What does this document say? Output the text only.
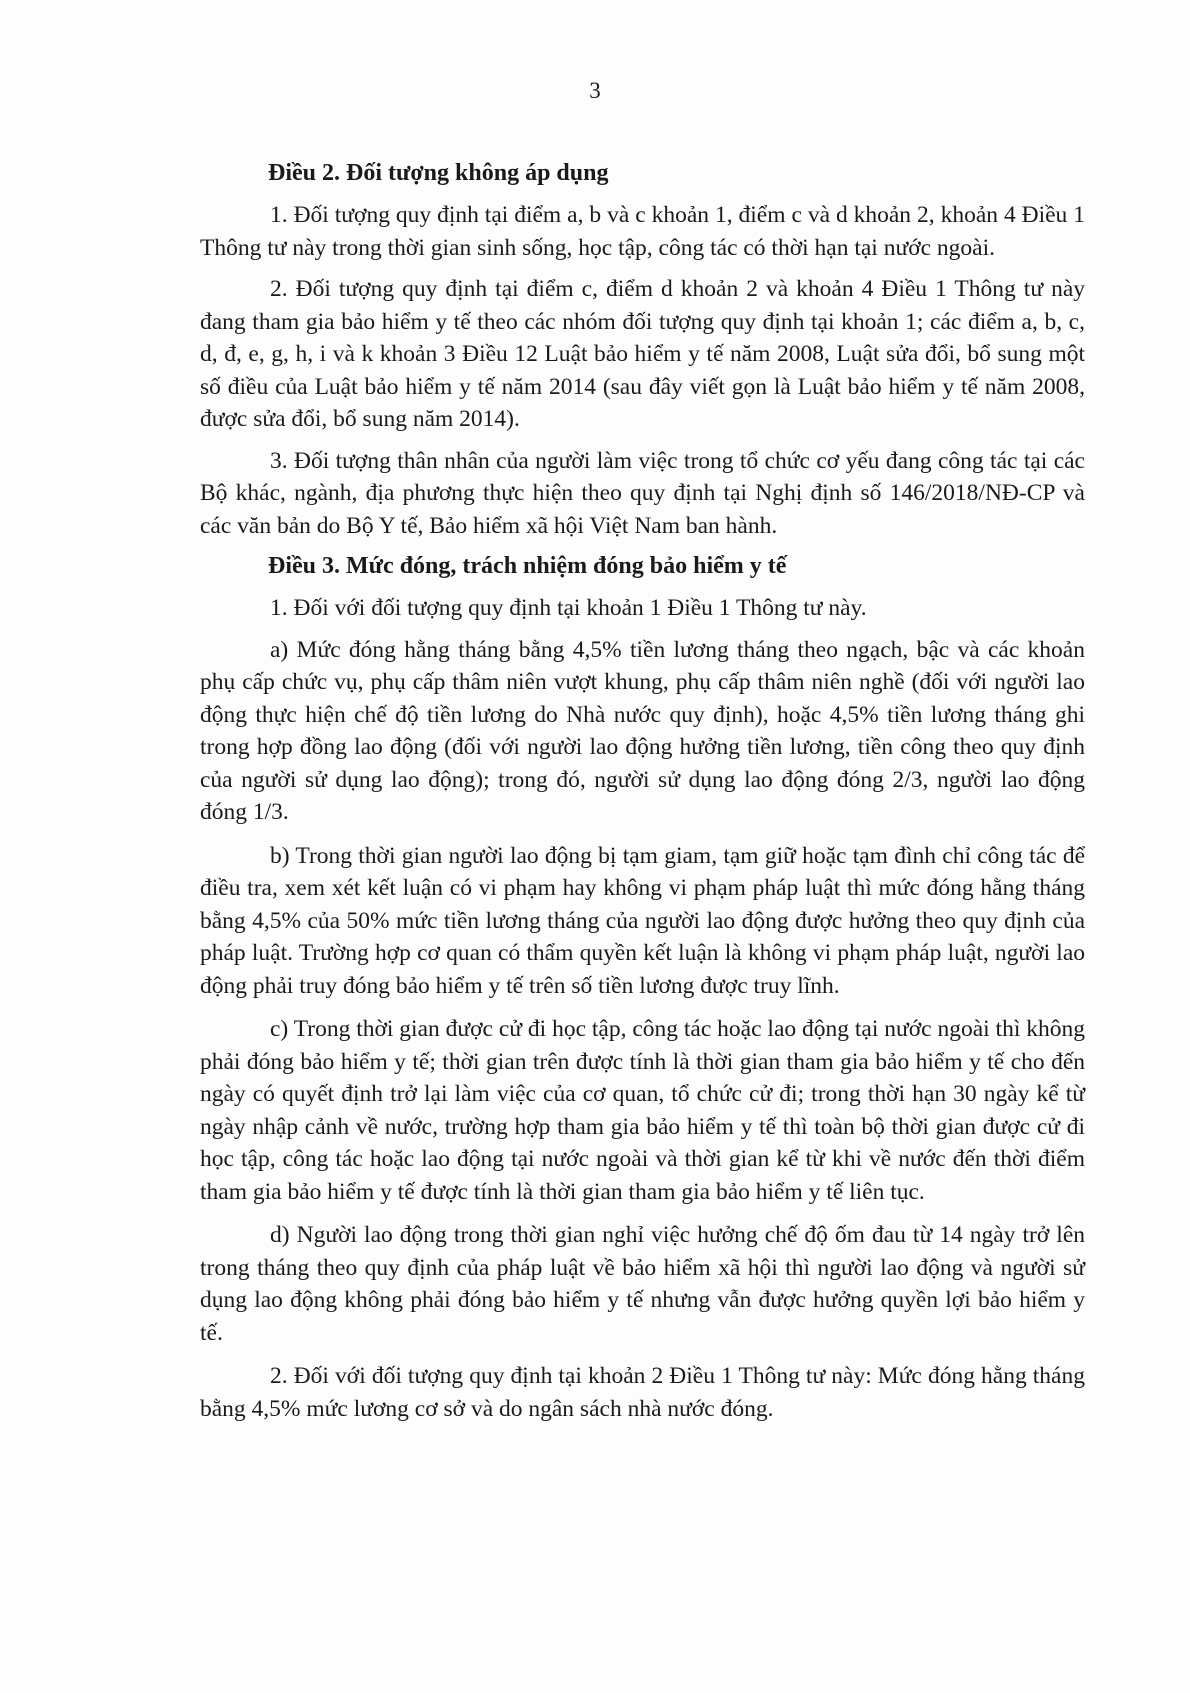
3
Điều 2. Đối tượng không áp dụng

1. Đối tượng quy định tại điểm a, b và c khoản 1, điểm c và d khoản 2, khoản 4 Điều 1 Thông tư này trong thời gian sinh sống, học tập, công tác có thời hạn tại nước ngoài.

2. Đối tượng quy định tại điểm c, điểm d khoản 2 và khoản 4 Điều 1 Thông tư này đang tham gia bảo hiểm y tế theo các nhóm đối tượng quy định tại khoản 1; các điểm a, b, c, d, đ, e, g, h, i và k khoản 3 Điều 12 Luật bảo hiểm y tế năm 2008, Luật sửa đổi, bổ sung một số điều của Luật bảo hiểm y tế năm 2014 (sau đây viết gọn là Luật bảo hiểm y tế năm 2008, được sửa đổi, bổ sung năm 2014).

3. Đối tượng thân nhân của người làm việc trong tổ chức cơ yếu đang công tác tại các Bộ khác, ngành, địa phương thực hiện theo quy định tại Nghị định số 146/2018/NĐ-CP và các văn bản do Bộ Y tế, Bảo hiểm xã hội Việt Nam ban hành.

Điều 3. Mức đóng, trách nhiệm đóng bảo hiểm y tế

1. Đối với đối tượng quy định tại khoản 1 Điều 1 Thông tư này.

a) Mức đóng hằng tháng bằng 4,5% tiền lương tháng theo ngạch, bậc và các khoản phụ cấp chức vụ, phụ cấp thâm niên vượt khung, phụ cấp thâm niên nghề (đối với người lao động thực hiện chế độ tiền lương do Nhà nước quy định), hoặc 4,5% tiền lương tháng ghi trong hợp đồng lao động (đối với người lao động hưởng tiền lương, tiền công theo quy định của người sử dụng lao động); trong đó, người sử dụng lao động đóng 2/3, người lao động đóng 1/3.

b) Trong thời gian người lao động bị tạm giam, tạm giữ hoặc tạm đình chỉ công tác để điều tra, xem xét kết luận có vi phạm hay không vi phạm pháp luật thì mức đóng hằng tháng bằng 4,5% của 50% mức tiền lương tháng của người lao động được hưởng theo quy định của pháp luật. Trường hợp cơ quan có thẩm quyền kết luận là không vi phạm pháp luật, người lao động phải truy đóng bảo hiểm y tế trên số tiền lương được truy lĩnh.

c) Trong thời gian được cử đi học tập, công tác hoặc lao động tại nước ngoài thì không phải đóng bảo hiểm y tế; thời gian trên được tính là thời gian tham gia bảo hiểm y tế cho đến ngày có quyết định trở lại làm việc của cơ quan, tổ chức cử đi; trong thời hạn 30 ngày kể từ ngày nhập cảnh về nước, trường hợp tham gia bảo hiểm y tế thì toàn bộ thời gian được cử đi học tập, công tác hoặc lao động tại nước ngoài và thời gian kể từ khi về nước đến thời điểm tham gia bảo hiểm y tế được tính là thời gian tham gia bảo hiểm y tế liên tục.

d) Người lao động trong thời gian nghỉ việc hưởng chế độ ốm đau từ 14 ngày trở lên trong tháng theo quy định của pháp luật về bảo hiểm xã hội thì người lao động và người sử dụng lao động không phải đóng bảo hiểm y tế nhưng vẫn được hưởng quyền lợi bảo hiểm y tế.

2. Đối với đối tượng quy định tại khoản 2 Điều 1 Thông tư này: Mức đóng hằng tháng bằng 4,5% mức lương cơ sở và do ngân sách nhà nước đóng.
